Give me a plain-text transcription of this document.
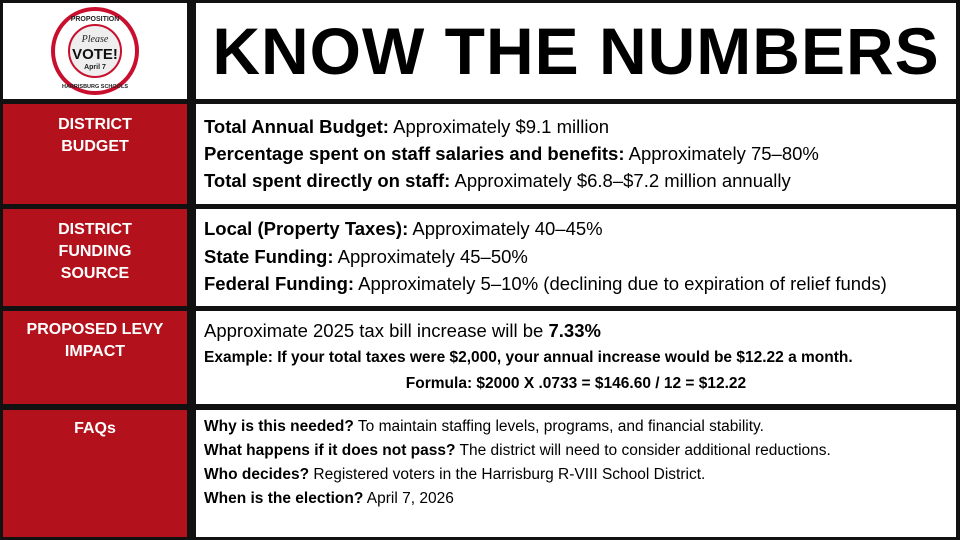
PROPOSITION
Please
VOTE!
April 7
HARRISBURG SCHOOLS KNOW THE NUMBERS
DISTRICT BUDGET
Total Annual Budget: Approximately $9.1 million
Percentage spent on staff salaries and benefits: Approximately 75–80%
Total spent directly on staff: Approximately $6.8–$7.2 million annually
DISTRICT FUNDING SOURCE
Local (Property Taxes): Approximately 40–45%
State Funding: Approximately 45–50%
Federal Funding: Approximately 5–10% (declining due to expiration of relief funds)
PROPOSED LEVY IMPACT
Approximate 2025 tax bill increase will be 7.33%
Example: If your total taxes were $2,000, your annual increase would be $12.22 a month.
Formula: $2000 X .0733 = $146.60 / 12 = $12.22
FAQs	Why is this needed? To maintain staffing levels, programs, and financial stability.
What happens if it does not pass? The district will need to consider additional reductions.
Who decides? Registered voters in the Harrisburg R-VIII School District.
When is the election? April 7, 2026
